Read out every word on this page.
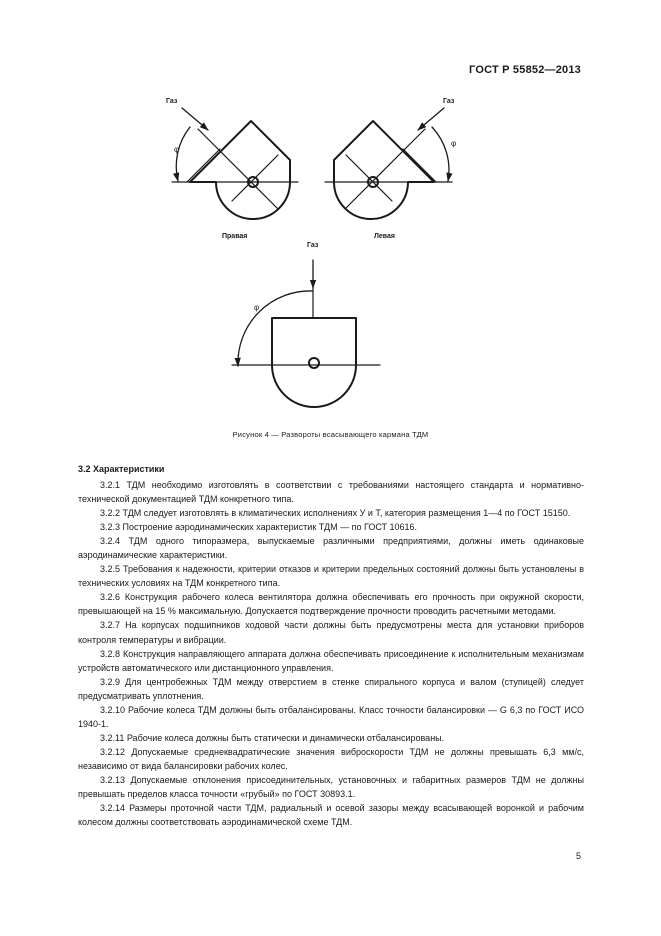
ГОСТ Р 55852—2013
Газ	Газ
Газ
φ
φ
φ
Правая	Левая
Рисунок 4 — Развороты всасывающего кармана ТДМ
3.2 Характеристики

3.2.1 ТДМ необходимо изготовлять в соответствии с требованиями настоящего стандарта и нормативно-технической документацией ТДМ конкретного типа.

3.2.2 ТДМ следует изготовлять в климатических исполнениях У и Т, категория размещения 1—4 по ГОСТ 15150.

3.2.3 Построение аэродинамических характеристик ТДМ — по ГОСТ 10616.

3.2.4 ТДМ одного типоразмера, выпускаемые различными предприятиями, должны иметь одинаковые аэродинамические характеристики.

3.2.5 Требования к надежности, критерии отказов и критерии предельных состояний должны быть установлены в технических условиях на ТДМ конкретного типа.

3.2.6 Конструкция рабочего колеса вентилятора должна обеспечивать его прочность при окружной скорости, превышающей на 15 % максимальную. Допускается подтверждение прочности проводить расчетными методами.

3.2.7 На корпусах подшипников ходовой части должны быть предусмотрены места для установки приборов контроля температуры и вибрации.

3.2.8 Конструкция направляющего аппарата должна обеспечивать присоединение к исполнительным механизмам устройств автоматического или дистанционного управления.

3.2.9 Для центробежных ТДМ между отверстием в стенке спирального корпуса и валом (ступицей) следует предусматривать уплотнения.

3.2.10 Рабочие колеса ТДМ должны быть отбалансированы. Класс точности балансировки — G 6,3 по ГОСТ ИСО 1940-1.

3.2.11 Рабочие колеса должны быть статически и динамически отбалансированы.

3.2.12 Допускаемые среднеквадратические значения виброскорости ТДМ не должны превышать 6,3 мм/с, независимо от вида балансировки рабочих колес.

3.2.13 Допускаемые отклонения присоединительных, установочных и габаритных размеров ТДМ не должны превышать пределов класса точности «грубый» по ГОСТ 30893.1.

3.2.14 Размеры проточной части ТДМ, радиальный и осевой зазоры между всасывающей воронкой и рабочим колесом должны соответствовать аэродинамической схеме ТДМ.

5
